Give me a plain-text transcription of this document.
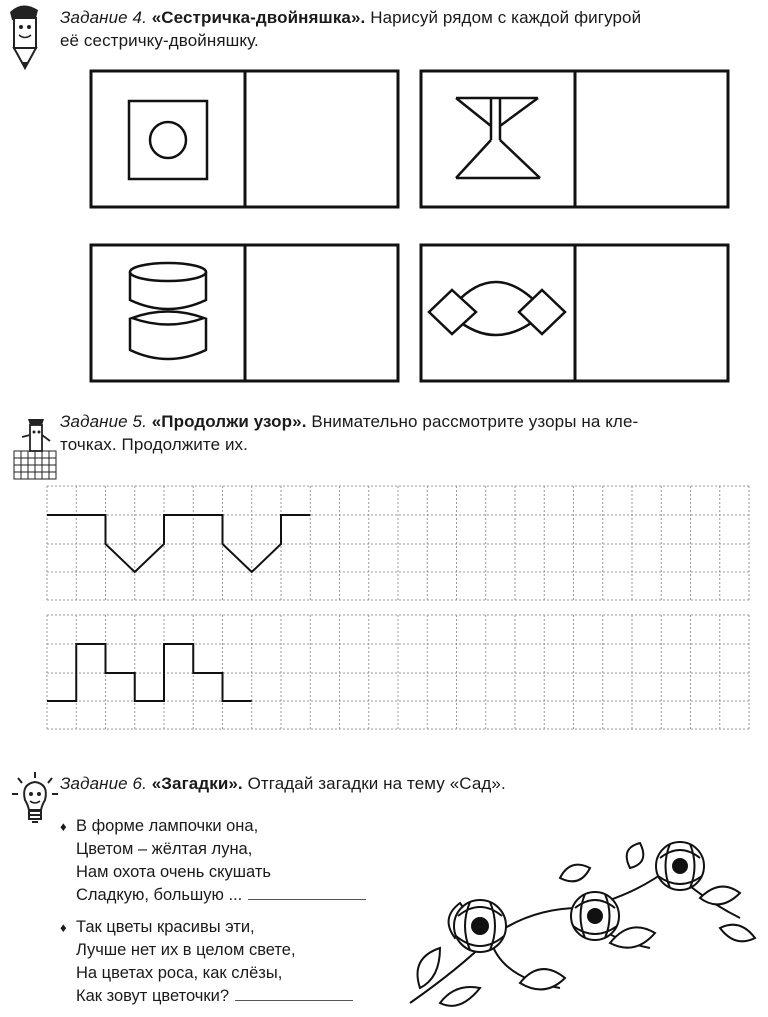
Задание 4. «Сестричка-двойняшка». Нарисуй рядом с каждой фигурой
её сестричку-двойняшку.
Задание 5. «Продолжи узор». Внимательно рассмотрите узоры на кле-
точках. Продолжите их.
Задание 6. «Загадки». Отгадай загадки на тему «Сад».
♦ В форме лампочки она,
Цветом – жёлтая луна,
Нам охота очень скушать
Сладкую, большую ...
♦ Так цветы красивы эти,
Лучше нет их в целом свете,
На цветах роса, как слёзы,
Как зовут цветочки?
